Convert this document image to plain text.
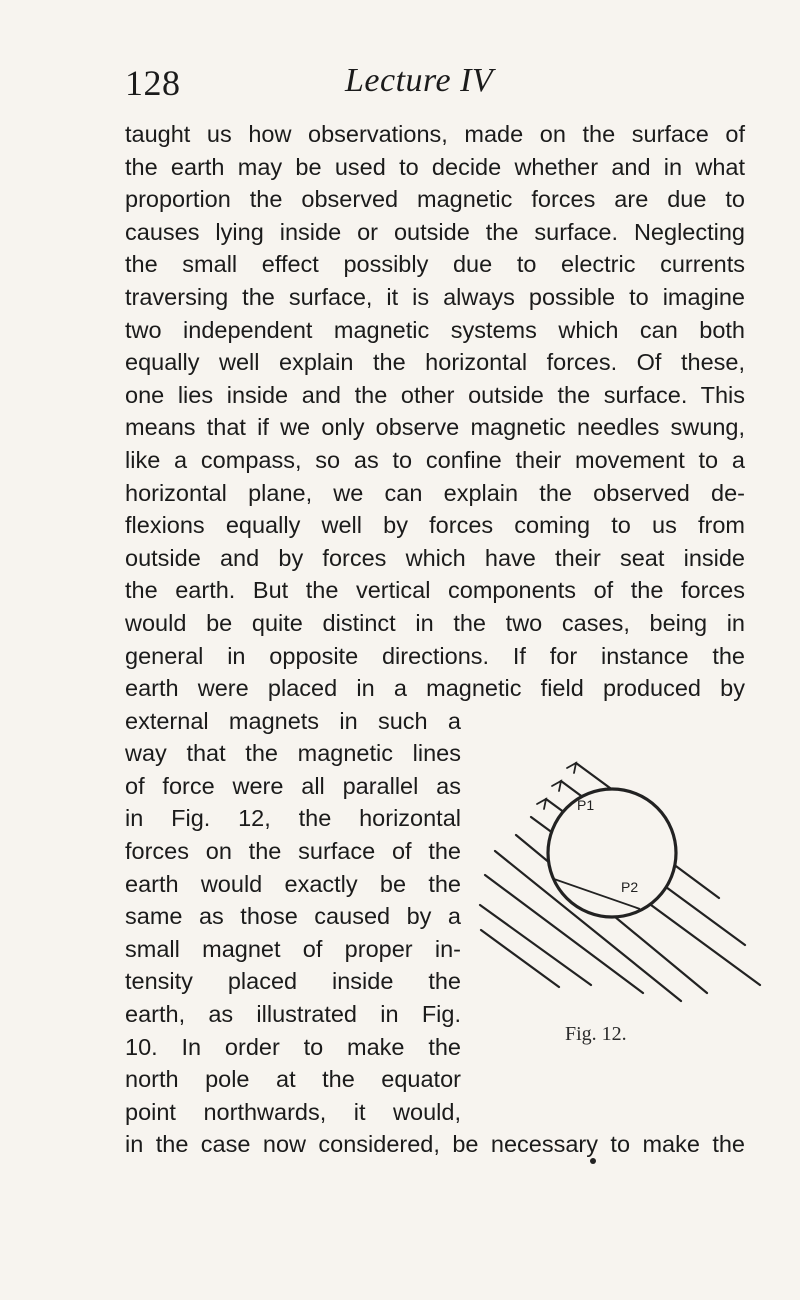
128	Lecture IV
taught us how observations, made on the surface of
the earth may be used to decide whether and in what
proportion the observed magnetic forces are due to
causes lying inside or outside the surface. Neglecting
the small effect possibly due to electric currents
traversing the surface, it is always possible to imagine
two independent magnetic systems which can both
equally well explain the horizontal forces. Of these,
one lies inside and the other outside the surface. This
means that if we only observe magnetic needles swung,
like a compass, so as to confine their movement to a
horizontal plane, we can explain the observed de-
flexions equally well by forces coming to us from
outside and by forces which have their seat inside
the earth. But the vertical components of the forces
would be quite distinct in the two cases, being in
general in opposite directions. If for instance the
earth were placed in a magnetic field produced by
external magnets in such a
way that the magnetic lines
of force were all parallel as
in Fig. 12, the horizontal
forces on the surface of the
earth would exactly be the
same as those caused by a
small magnet of proper in-
tensity placed inside the
earth, as illustrated in Fig.
10. In order to make the
north pole at the equator
point northwards, it would,
in the case now considered, be necessary to make the
P1
P2
Fig. 12.
